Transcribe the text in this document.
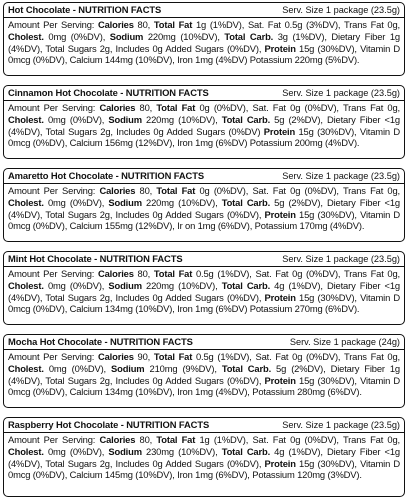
Hot Chocolate - NUTRITION FACTS	Serv. Size 1 package (23.5g)
Amount Per Serving: Calories 80, Total Fat 1g (1%DV), Sat. Fat 0.5g (3%DV), Trans Fat 0g, Cholest. 0mg (0%DV), Sodium 220mg (10%DV), Total Carb. 3g (1%DV), Dietary Fiber 1g (4%DV), Total Sugars 2g, Includes 0g Added Sugars (0%DV), Protein 15g (30%DV), Vitamin D 0mcg (0%DV), Calcium 144mg (10%DV), Iron 1mg (4%DV) Potassium 220mg (5%DV).
Cinnamon Hot Chocolate - NUTRITION FACTS	Serv. Size 1 package (23.5g)
Amount Per Serving: Calories 80, Total Fat 0g (0%DV), Sat. Fat 0g (0%DV), Trans Fat 0g, Cholest. 0mg (0%DV), Sodium 220mg (10%DV), Total Carb. 5g (2%DV), Dietary Fiber <1g (4%DV), Total Sugars 2g, Includes 0g Added Sugars (0%DV) Protein 15g (30%DV), Vitamin D 0mcg (0%DV), Calcium 156mg (12%DV), Iron 1mg (6%DV) Potassium 200mg (4%DV).
Amaretto Hot Chocolate - NUTRITION FACTS	Serv. Size 1 package (23.5g)
Amount Per Serving: Calories 80, Total Fat 0g (0%DV), Sat. Fat 0g (0%DV), Trans Fat 0g, Cholest. 0mg (0%DV), Sodium 220mg (10%DV), Total Carb. 5g (2%DV), Dietary Fiber <1g (4%DV), Total Sugars 2g, Includes 0g Added Sugars (0%DV), Protein 15g (30%DV), Vitamin D 0mcg (0%DV), Calcium 155mg (12%DV), Ir on 1mg (6%DV), Potassium 170mg (4%DV).
Mint Hot Chocolate - NUTRITION FACTS	Serv. Size 1 package (23.5g)
Amount Per Serving: Calories 80, Total Fat 0.5g (1%DV), Sat. Fat 0g (0%DV), Trans Fat 0g, Cholest. 0mg (0%DV), Sodium 220mg (10%DV), Total Carb. 4g (1%DV), Dietary Fiber <1g (4%DV), Total Sugars 2g, Includes 0g Added Sugars (0%DV), Protein 15g (30%DV), Vitamin D 0mcg (0%DV), Calcium 134mg (10%DV), Iron 1mg (6%DV) Potassium 270mg (6%DV).
Mocha Hot Chocolate - NUTRITION FACTS	Serv. Size 1 package (24g)
Amount Per Serving: Calories 90, Total Fat 0.5g (1%DV), Sat. Fat 0g (0%DV), Trans Fat 0g, Cholest. 0mg (0%DV), Sodium 210mg (9%DV), Total Carb. 5g (2%DV), Dietary Fiber 1g (4%DV), Total Sugars 2g, Includes 0g Added Sugars (0%DV), Protein 15g (30%DV), Vitamin D 0mcg (0%DV), Calcium 134mg (10%DV), Iron 1mg (4%DV), Potassium 280mg (6%DV).
Raspberry Hot Chocolate - NUTRITION FACTS	Serv. Size 1 package (23.5g)
Amount Per Serving: Calories 80, Total Fat 1g (1%DV), Sat. Fat 0g (0%DV), Trans Fat 0g, Cholest. 0mg (0%DV), Sodium 230mg (10%DV), Total Carb. 4g (1%DV), Dietary Fiber <1g (4%DV), Total Sugars 2g, Includes 0g Added Sugars (0%DV), Protein 15g (30%DV), Vitamin D 0mcg (0%DV), Calcium 145mg (10%DV), Iron 1mg (6%DV), Potassium 120mg (3%DV).
